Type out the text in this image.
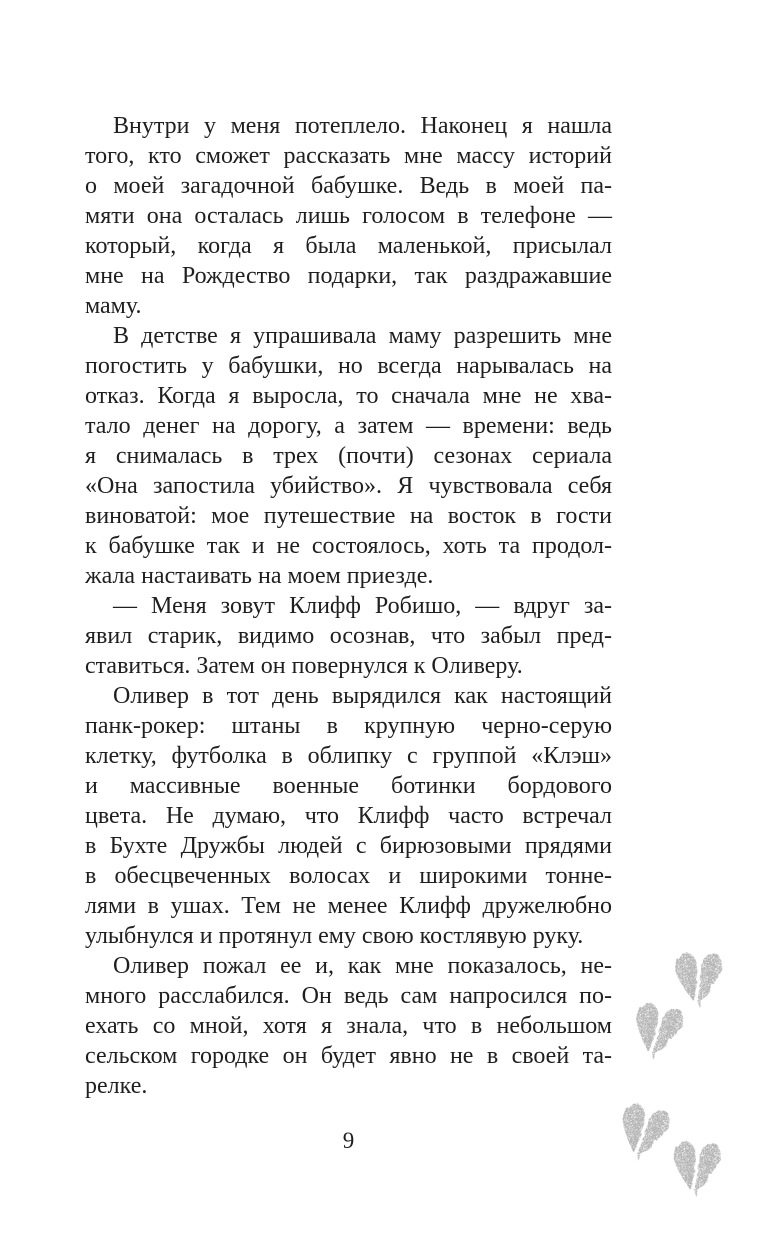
Внутри у меня потеплело. Наконец я нашла
того, кто сможет рассказать мне массу историй
о моей загадочной бабушке. Ведь в моей па-
мяти она осталась лишь голосом в телефоне —
который, когда я была маленькой, присылал
мне на Рождество подарки, так раздражавшие
маму.

В детстве я упрашивала маму разрешить мне
погостить у бабушки, но всегда нарывалась на
отказ. Когда я выросла, то сначала мне не хва-
тало денег на дорогу, а затем — времени: ведь
я снималась в трех (почти) сезонах сериала
«Она запостила убийство». Я чувствовала себя
виноватой: мое путешествие на восток в гости
к бабушке так и не состоялось, хоть та продол-
жала настаивать на моем приезде.

— Меня зовут Клифф Робишо, — вдруг за-
явил старик, видимо осознав, что забыл пред-
ставиться. Затем он повернулся к Оливеру.

Оливер в тот день вырядился как настоящий
панк-рокер: штаны в крупную черно-серую
клетку, футболка в облипку с группой «Клэш»
и массивные военные ботинки бордового
цвета. Не думаю, что Клифф часто встречал
в Бухте Дружбы людей с бирюзовыми прядями
в обесцвеченных волосах и широкими тонне-
лями в ушах. Тем не менее Клифф дружелюбно
улыбнулся и протянул ему свою костлявую руку.

Оливер пожал ее и, как мне показалось, не-
много расслабился. Он ведь сам напросился по-
ехать со мной, хотя я знала, что в небольшом
сельском городке он будет явно не в своей та-
релке.

9
